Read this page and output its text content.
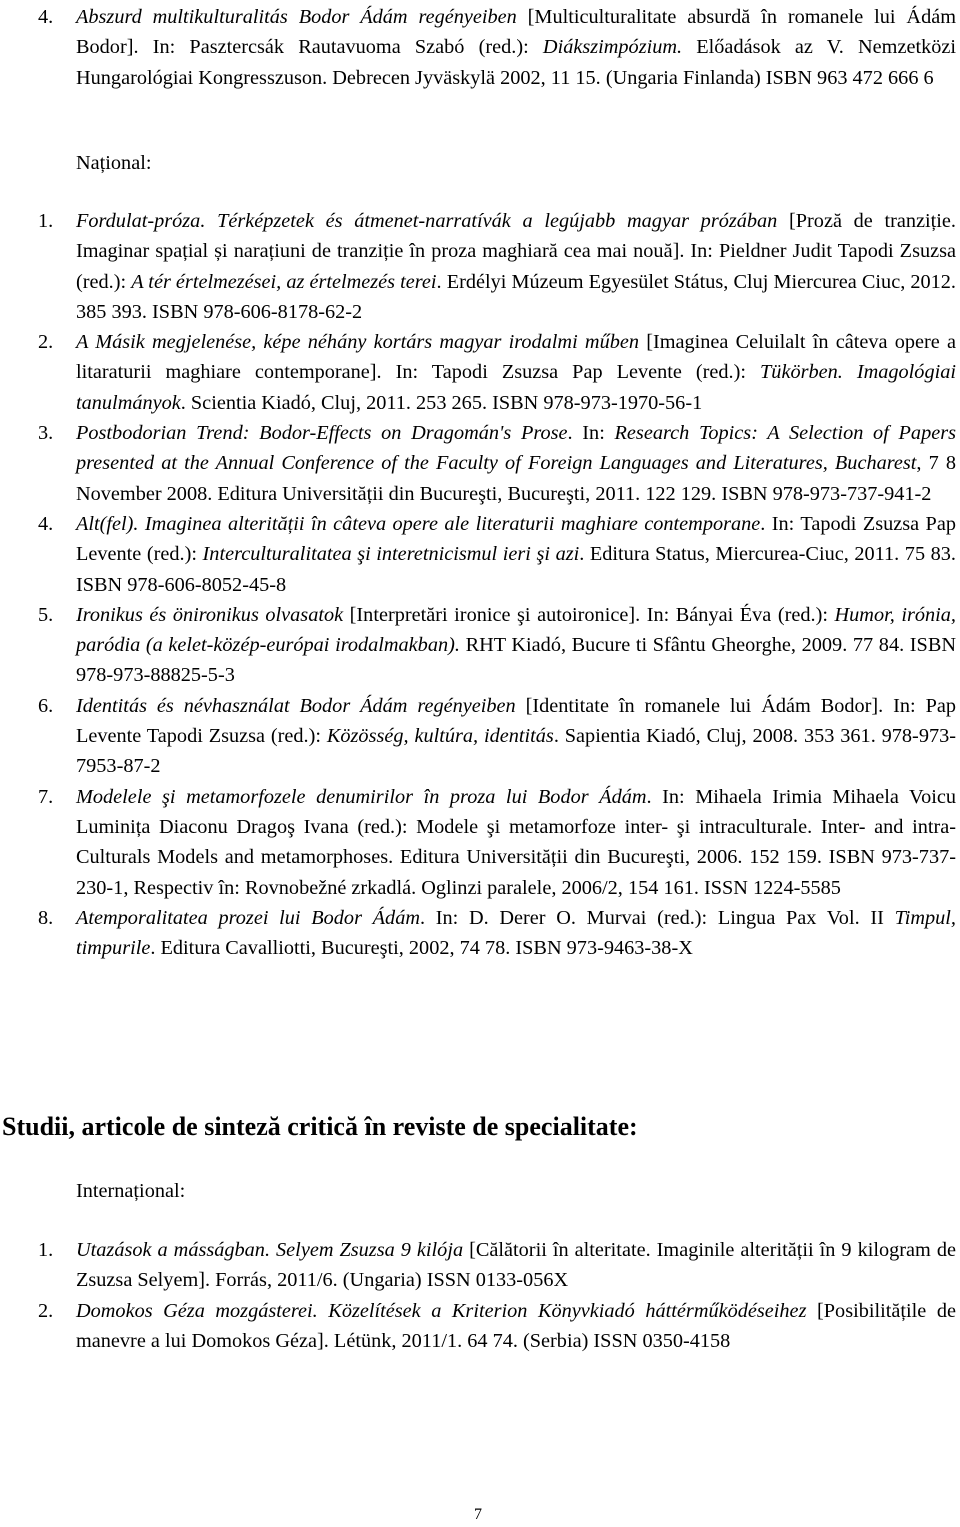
4. Abszurd multikulturalitás Bodor Ádám regényeiben [Multiculturalitate absurdă în romanele lui Ádám Bodor]. In: Pasztercsák Rautavuoma Szabó (red.): Diákszimpózium. Előadások az V. Nemzetközi Hungarológiai Kongresszuson. Debrecen Jyväskylä 2002, 11 15. (Ungaria Finlanda) ISBN 963 472 666 6
Național:
1. Fordulat-próza. Térképzetek és átmenet-narratívák a legújabb magyar prózában [Proză de tranziție. Imaginar spațial și narațiuni de tranziție în proza maghiară cea mai nouă]. In: Pieldner Judit Tapodi Zsuzsa (red.): A tér értelmezései, az értelmezés terei. Erdélyi Múzeum Egyesület Státus, Cluj Miercurea Ciuc, 2012. 385 393. ISBN 978-606-8178-62-2
2. A Másik megjelenése, képe néhány kortárs magyar irodalmi műben [Imaginea Celuilalt în câteva opere a litaraturii maghiare contemporane]. In: Tapodi Zsuzsa Pap Levente (red.): Tükörben. Imagológiai tanulmányok. Scientia Kiadó, Cluj, 2011. 253 265. ISBN 978-973-1970-56-1
3. Postbodorian Trend: Bodor-Effects on Dragomán's Prose. In: Research Topics: A Selection of Papers presented at the Annual Conference of the Faculty of Foreign Languages and Literatures, Bucharest, 7 8 November 2008. Editura Universității din Bucureşti, Bucureşti, 2011. 122 129. ISBN 978-973-737-941-2
4. Alt(fel). Imaginea alterității în câteva opere ale literaturii maghiare contemporane. In: Tapodi Zsuzsa Pap Levente (red.): Interculturalitatea şi interetnicismul ieri şi azi. Editura Status, Miercurea-Ciuc, 2011. 75 83. ISBN 978-606-8052-45-8
5. Ironikus és önironikus olvasatok [Interpretări ironice şi autoironice]. In: Bányai Éva (red.): Humor, irónia, paródia (a kelet-közép-európai irodalmakban). RHT Kiadó, Bucure ti Sfântu Gheorghe, 2009. 77 84. ISBN 978-973-88825-5-3
6. Identitás és névhasználat Bodor Ádám regényeiben [Identitate în romanele lui Ádám Bodor]. In: Pap Levente Tapodi Zsuzsa (red.): Közösség, kultúra, identitás. Sapientia Kiadó, Cluj, 2008. 353 361. 978-973-7953-87-2
7. Modelele şi metamorfozele denumirilor în proza lui Bodor Ádám. In: Mihaela Irimia Mihaela Voicu Luminița Diaconu Dragoş Ivana (red.): Modele şi metamorfoze inter- şi intraculturale. Inter- and intra-Culturals Models and metamorphoses. Editura Universității din Bucureşti, 2006. 152 159. ISBN 973-737-230-1, Respectiv în: Rovnobežné zrkadlá. Oglinzi paralele, 2006/2, 154 161. ISSN 1224-5585
8. Atemporalitatea prozei lui Bodor Ádám. In: D. Derer O. Murvai (red.): Lingua Pax Vol. II Timpul, timpurile. Editura Cavalliotti, Bucureşti, 2002, 74 78. ISBN 973-9463-38-X
Studii, articole de sinteză critică în reviste de specialitate:
Internațional:
1. Utazások a másságban. Selyem Zsuzsa 9 kilója [Călătorii în alteritate. Imaginile alterității în 9 kilogram de Zsuzsa Selyem]. Forrás, 2011/6. (Ungaria) ISSN 0133-056X
2. Domokos Géza mozgásterei. Közelítések a Kriterion Könyvkiadó háttérműködéseihez [Posibilitățile de manevre a lui Domokos Géza]. Létünk, 2011/1. 64 74. (Serbia) ISSN 0350-4158
7
